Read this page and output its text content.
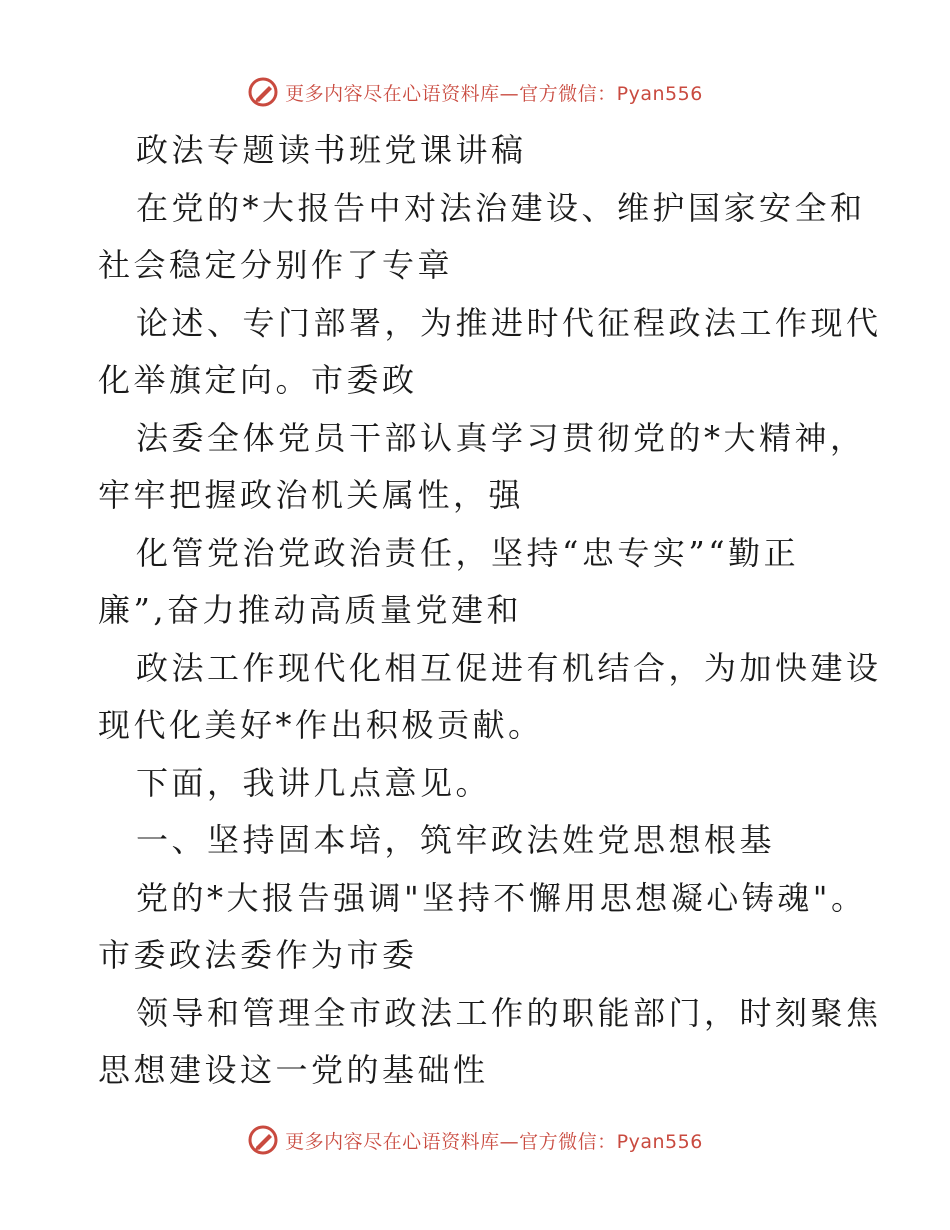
更多内容尽在心语资料库—官方微信：Pyan556
政法专题读书班党课讲稿
在党的*大报告中对法治建设、维护国家安全和
社会稳定分别作了专章
论述、专门部署，为推进时代征程政法工作现代
化举旗定向。市委政
法委全体党员干部认真学习贯彻党的*大精神，
牢牢把握政治机关属性，强
化管党治党政治责任，坚持“忠专实”“勤正
廉”,奋力推动高质量党建和
政法工作现代化相互促进有机结合，为加快建设
现代化美好*作出积极贡献。
下面，我讲几点意见。
一、坚持固本培，筑牢政法姓党思想根基
党的*大报告强调"坚持不懈用思想凝心铸魂"。
市委政法委作为市委
领导和管理全市政法工作的职能部门，时刻聚焦
思想建设这一党的基础性
更多内容尽在心语资料库—官方微信：Pyan556
